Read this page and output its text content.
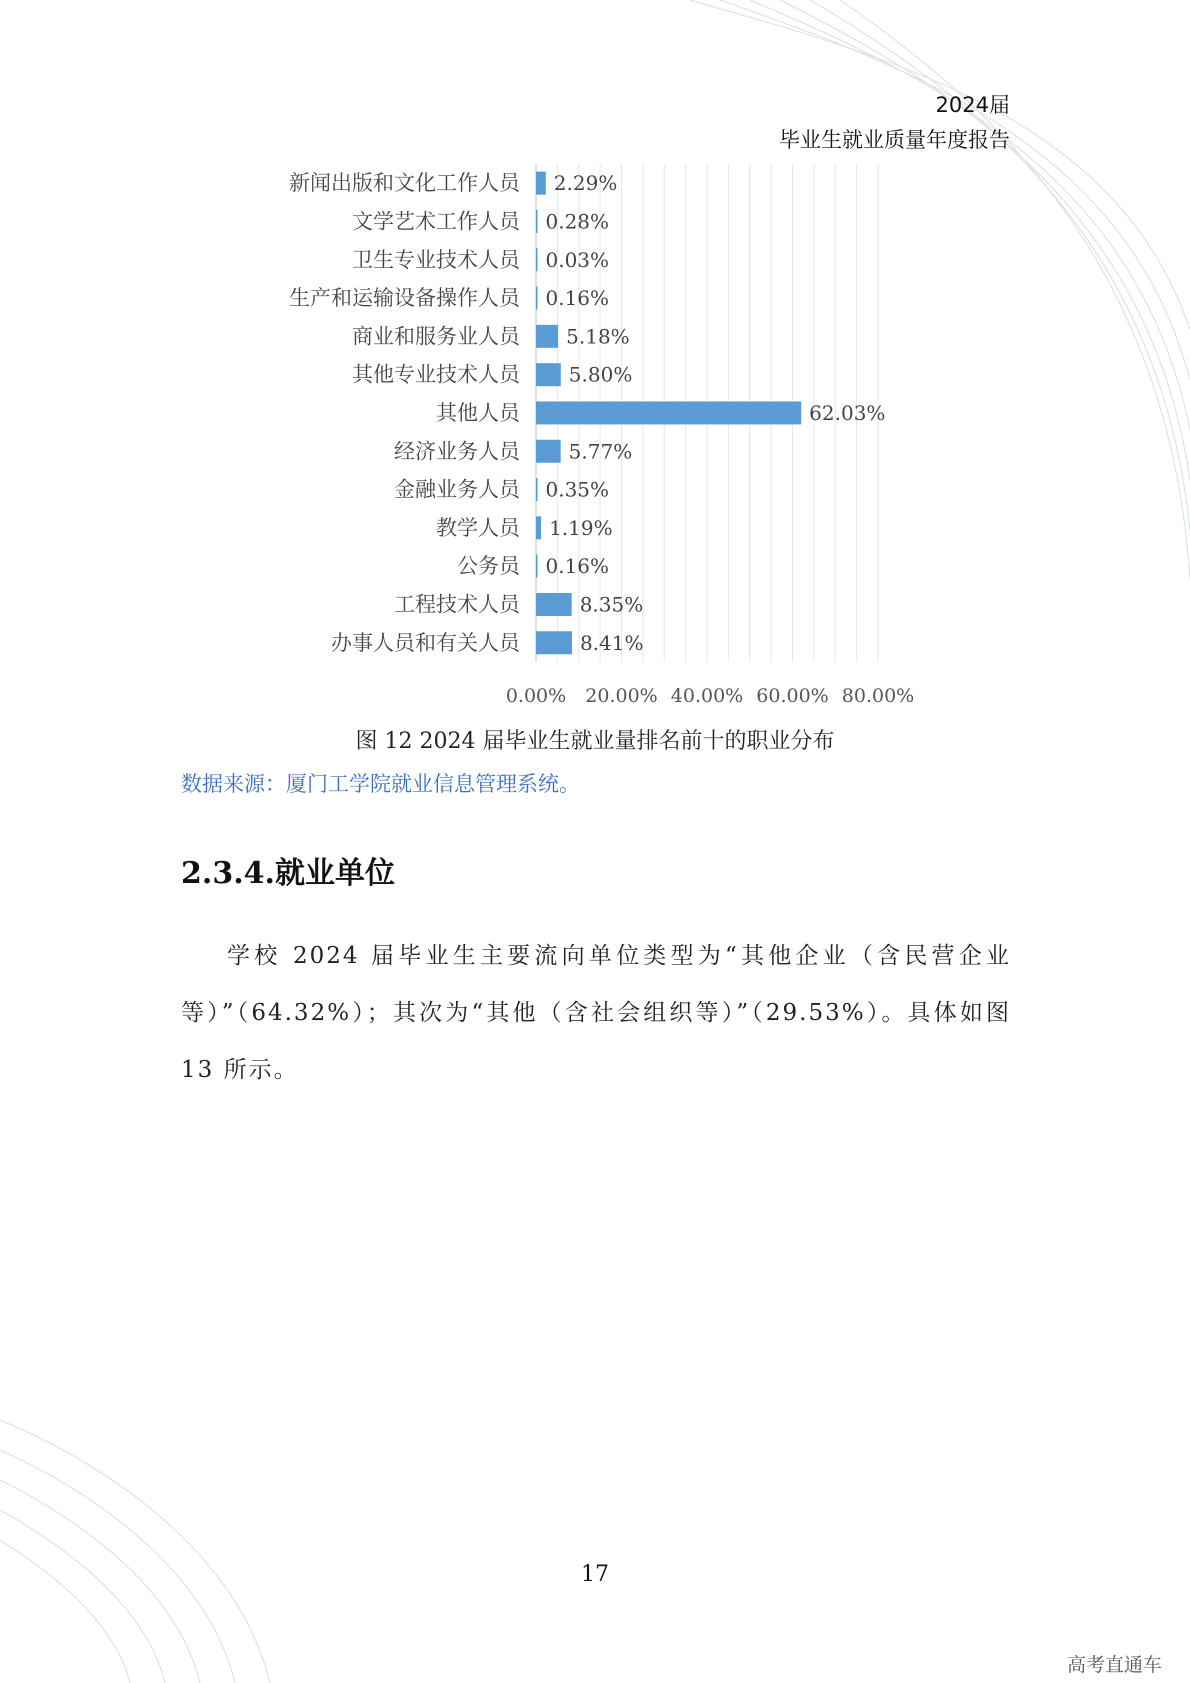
2024届
毕业生就业质量年度报告
新闻出版和文化工作人员 2.29%
文学艺术工作人员 0.28%
卫生专业技术人员 0.03%
生产和运输设备操作人员 0.16%
商业和服务业人员 5.18%
其他专业技术人员 5.80%
其他人员	62.03%
经济业务人员 5.77%
金融业务人员 0.35%
教学人员 1.19%
公务员 0.16%
工程技术人员	8.35%
办事人员和有关人员	8.41%
0.00% 20.00% 40.00% 60.00% 80.00%
图 12 2024 届毕业生就业量排名前十的职业分布
数据来源：厦门工学院就业信息管理系统。
2.3.4.就业单位
学校 2024 届毕业生主要流向单位类型为“其他企业（含民营企业等）”（64.32%）；其次为“其他（含社会组织等）”（29.53%）。具体如图 13 所示。
17
高考直通车
